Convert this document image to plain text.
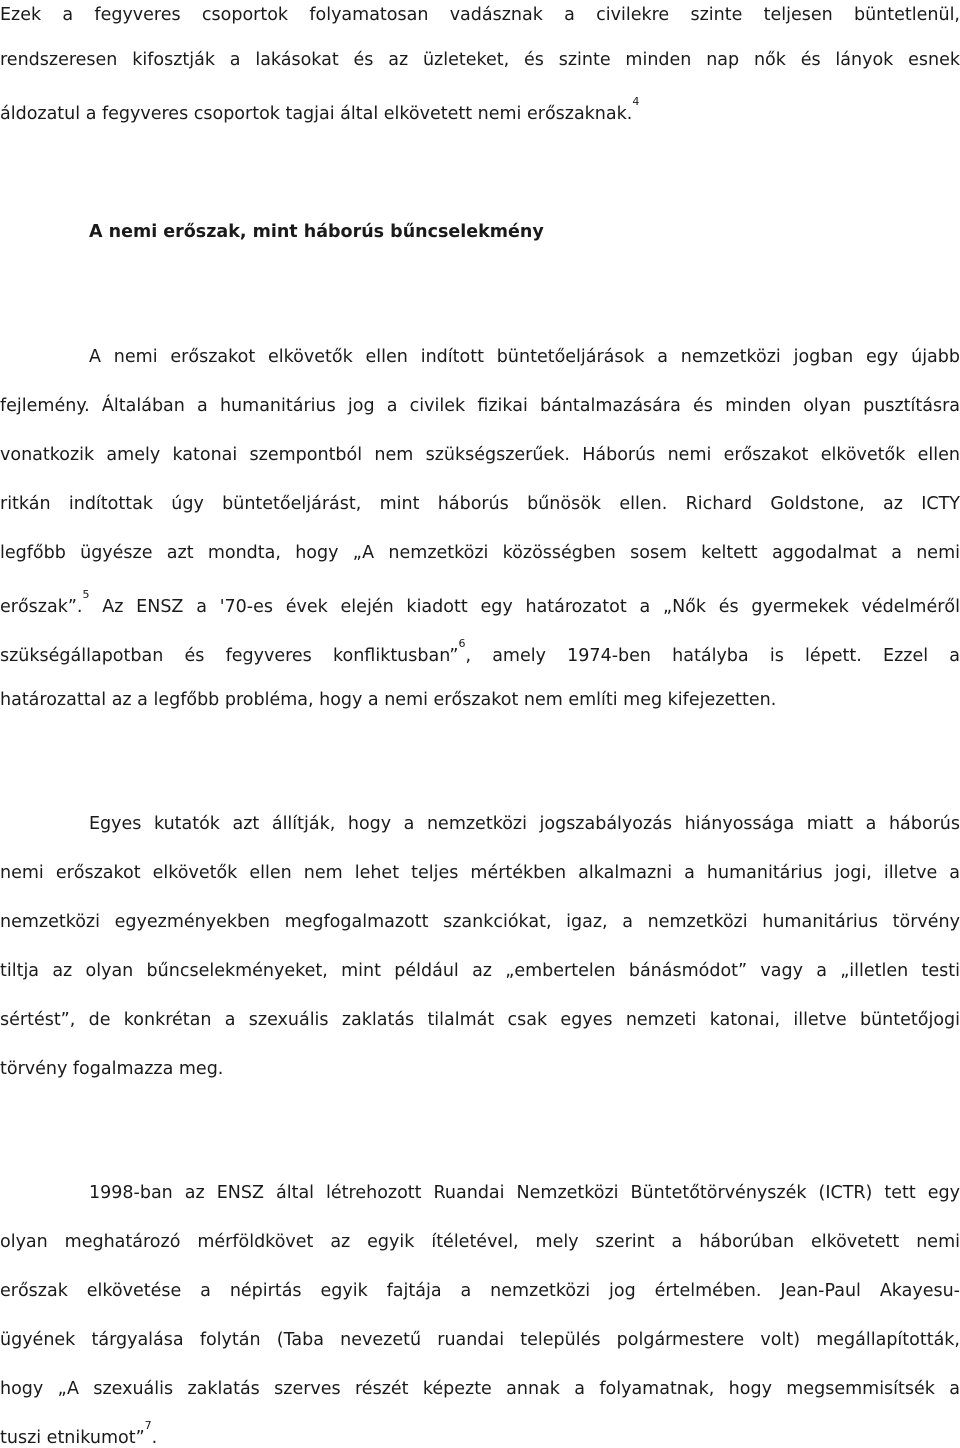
Ezek a fegyveres csoportok folyamatosan vadásznak a civilekre szinte teljesen büntetlenül,
rendszeresen kifosztják a lakásokat és az üzleteket, és szinte minden nap nők és lányok esnek
áldozatul a fegyveres csoportok tagjai által elkövetett nemi erőszaknak.$^4$
A nemi erőszak, mint háborús bűncselekmény
A nemi erőszakot elkövetők ellen indított büntetőeljárások a nemzetközi jogban egy újabb
fejlemény. Általában a humanitárius jog a civilek fizikai bántalmazására és minden olyan pusztításra
vonatkozik amely katonai szempontból nem szükségszerűek. Háborús nemi erőszakot elkövetők ellen
ritkán indítottak úgy büntetőeljárást, mint háborús bűnösök ellen. Richard Goldstone, az ICTY
legfőbb ügyésze azt mondta, hogy „A nemzetközi közösségben sosem keltett aggodalmat a nemi
erőszak”.$^5$ Az ENSZ a '70-es évek elején kiadott egy határozatot a „Nők és gyermekek védelméről
szükségállapotban és fegyveres konfliktusban”$^6$, amely 1974-ben hatályba is lépett. Ezzel a
határozattal az a legfőbb probléma, hogy a nemi erőszakot nem említi meg kifejezetten.
Egyes kutatók azt állítják, hogy a nemzetközi jogszabályozás hiányossága miatt a háborús
nemi erőszakot elkövetők ellen nem lehet teljes mértékben alkalmazni a humanitárius jogi, illetve a
nemzetközi egyezményekben megfogalmazott szankciókat, igaz, a nemzetközi humanitárius törvény
tiltja az olyan bűncselekményeket, mint például az „embertelen bánásmódot” vagy a „illetlen testi
sértést”, de konkrétan a szexuális zaklatás tilalmát csak egyes nemzeti katonai, illetve büntetőjogi
törvény fogalmazza meg.
1998-ban az ENSZ által létrehozott Ruandai Nemzetközi Büntetőtörvényszék (ICTR) tett egy
olyan meghatározó mérföldkövet az egyik ítéletével, mely szerint a háborúban elkövetett nemi
erőszak elkövetése a népirtás egyik fajtája a nemzetközi jog értelmében. Jean-Paul Akayesu-
ügyének tárgyalása folytán (Taba nevezetű ruandai település polgármestere volt) megállapították,
hogy „A szexuális zaklatás szerves részét képezte annak a folyamatnak, hogy megsemmisítsék a
tuszi etnikumot”$^7$.
